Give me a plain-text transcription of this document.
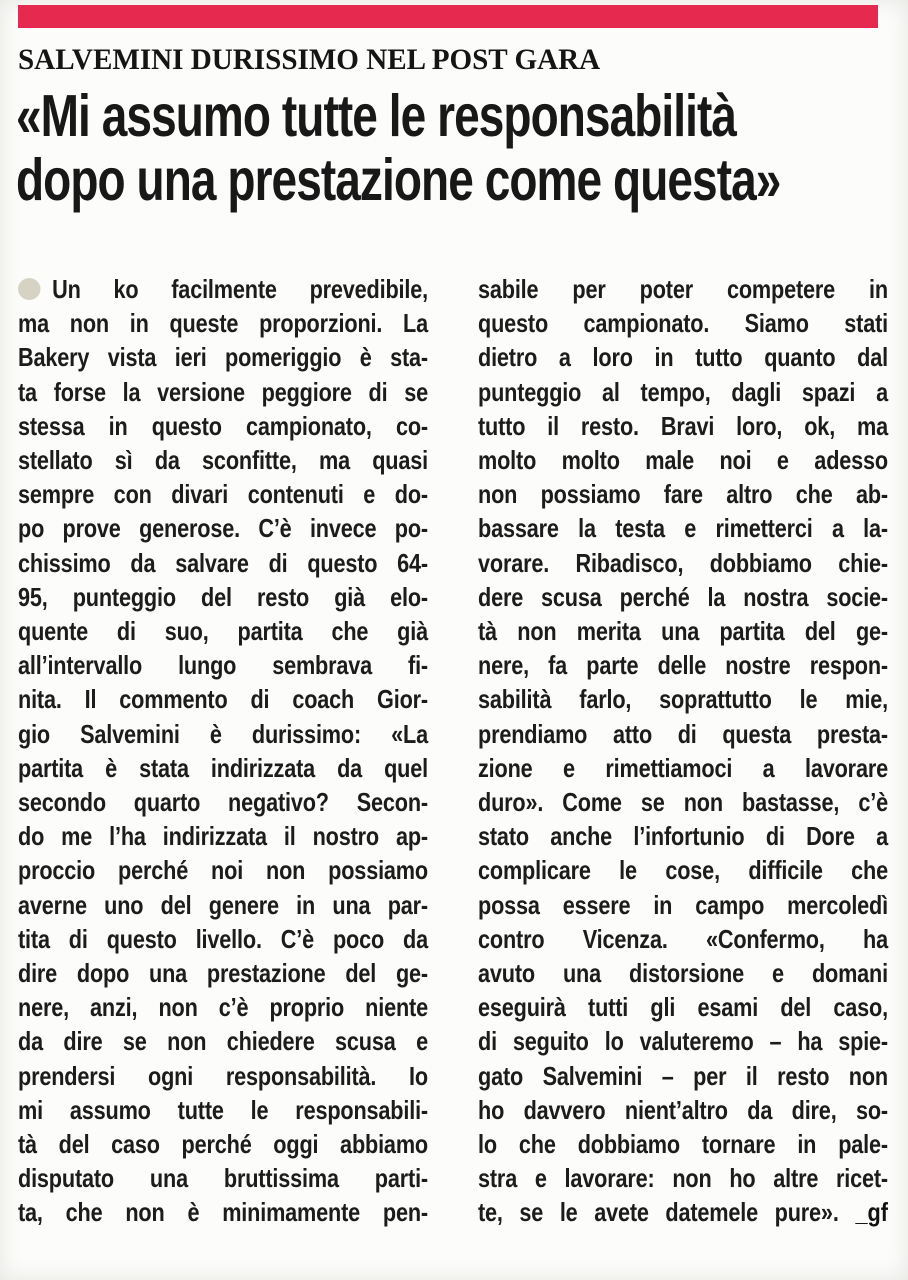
SALVEMINI DURISSIMO NEL POST GARA
«Mi assumo tutte le responsabilità
dopo una prestazione come questa»
Un ko facilmente prevedibile,
ma non in queste proporzioni. La
Bakery vista ieri pomeriggio è sta-
ta forse la versione peggiore di se
stessa in questo campionato, co-
stellato sì da sconfitte, ma quasi
sempre con divari contenuti e do-
po prove generose. C’è invece po-
chissimo da salvare di questo 64-
95, punteggio del resto già elo-
quente di suo, partita che già
all’intervallo lungo sembrava fi-
nita. Il commento di coach Gior-
gio Salvemini è durissimo: «La
partita è stata indirizzata da quel
secondo quarto negativo? Secon-
do me l’ha indirizzata il nostro ap-
proccio perché noi non possiamo
averne uno del genere in una par-
tita di questo livello. C’è poco da
dire dopo una prestazione del ge-
nere, anzi, non c’è proprio niente
da dire se non chiedere scusa e
prendersi ogni responsabilità. Io
mi assumo tutte le responsabili-
tà del caso perché oggi abbiamo
disputato una bruttissima parti-
ta, che non è minimamente pen-
sabile per poter competere in
questo campionato. Siamo stati
dietro a loro in tutto quanto dal
punteggio al tempo, dagli spazi a
tutto il resto. Bravi loro, ok, ma
molto molto male noi e adesso
non possiamo fare altro che ab-
bassare la testa e rimetterci a la-
vorare. Ribadisco, dobbiamo chie-
dere scusa perché la nostra socie-
tà non merita una partita del ge-
nere, fa parte delle nostre respon-
sabilità farlo, soprattutto le mie,
prendiamo atto di questa presta-
zione e rimettiamoci a lavorare
duro». Come se non bastasse, c’è
stato anche l’infortunio di Dore a
complicare le cose, difficile che
possa essere in campo mercoledì
contro Vicenza. «Confermo, ha
avuto una distorsione e domani
eseguirà tutti gli esami del caso,
di seguito lo valuteremo – ha spie-
gato Salvemini – per il resto non
ho davvero nient’altro da dire, so-
lo che dobbiamo tornare in pale-
stra e lavorare: non ho altre ricet-
te, se le avete datemele pure». _gf
